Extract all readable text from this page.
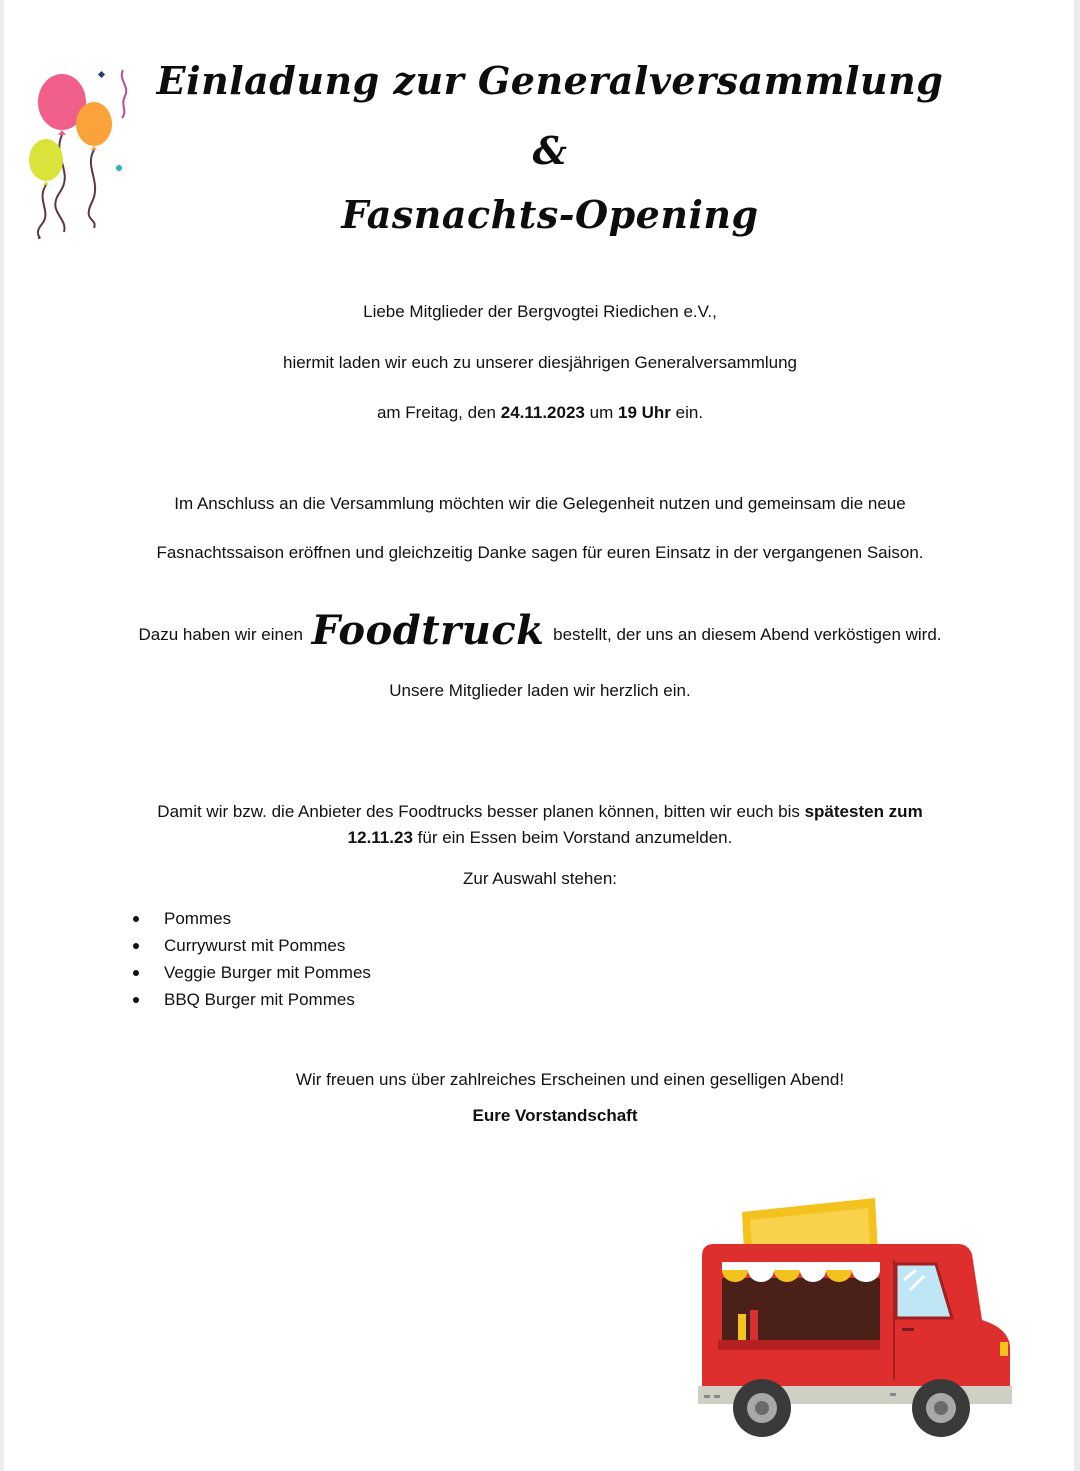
Einladung zur Generalversammlung
&
Fasnachts-Opening
Liebe Mitglieder der Bergvogtei Riedichen e.V.,
hiermit laden wir euch zu unserer diesjährigen Generalversammlung
am Freitag, den 24.11.2023 um 19 Uhr ein.
Im Anschluss an die Versammlung möchten wir die Gelegenheit nutzen und gemeinsam die neue
Fasnachtssaison eröffnen und gleichzeitig Danke sagen für euren Einsatz in der vergangenen Saison.
Dazu haben wir einen Foodtruck bestellt, der uns an diesem Abend verköstigen wird.
Unsere Mitglieder laden wir herzlich ein.
Damit wir bzw. die Anbieter des Foodtrucks besser planen können, bitten wir euch bis spätesten zum
12.11.23 für ein Essen beim Vorstand anzumelden.
Zur Auswahl stehen:
Pommes
Currywurst mit Pommes
Veggie Burger mit Pommes
BBQ Burger mit Pommes
Wir freuen uns über zahlreiches Erscheinen und einen geselligen Abend!
Eure Vorstandschaft
